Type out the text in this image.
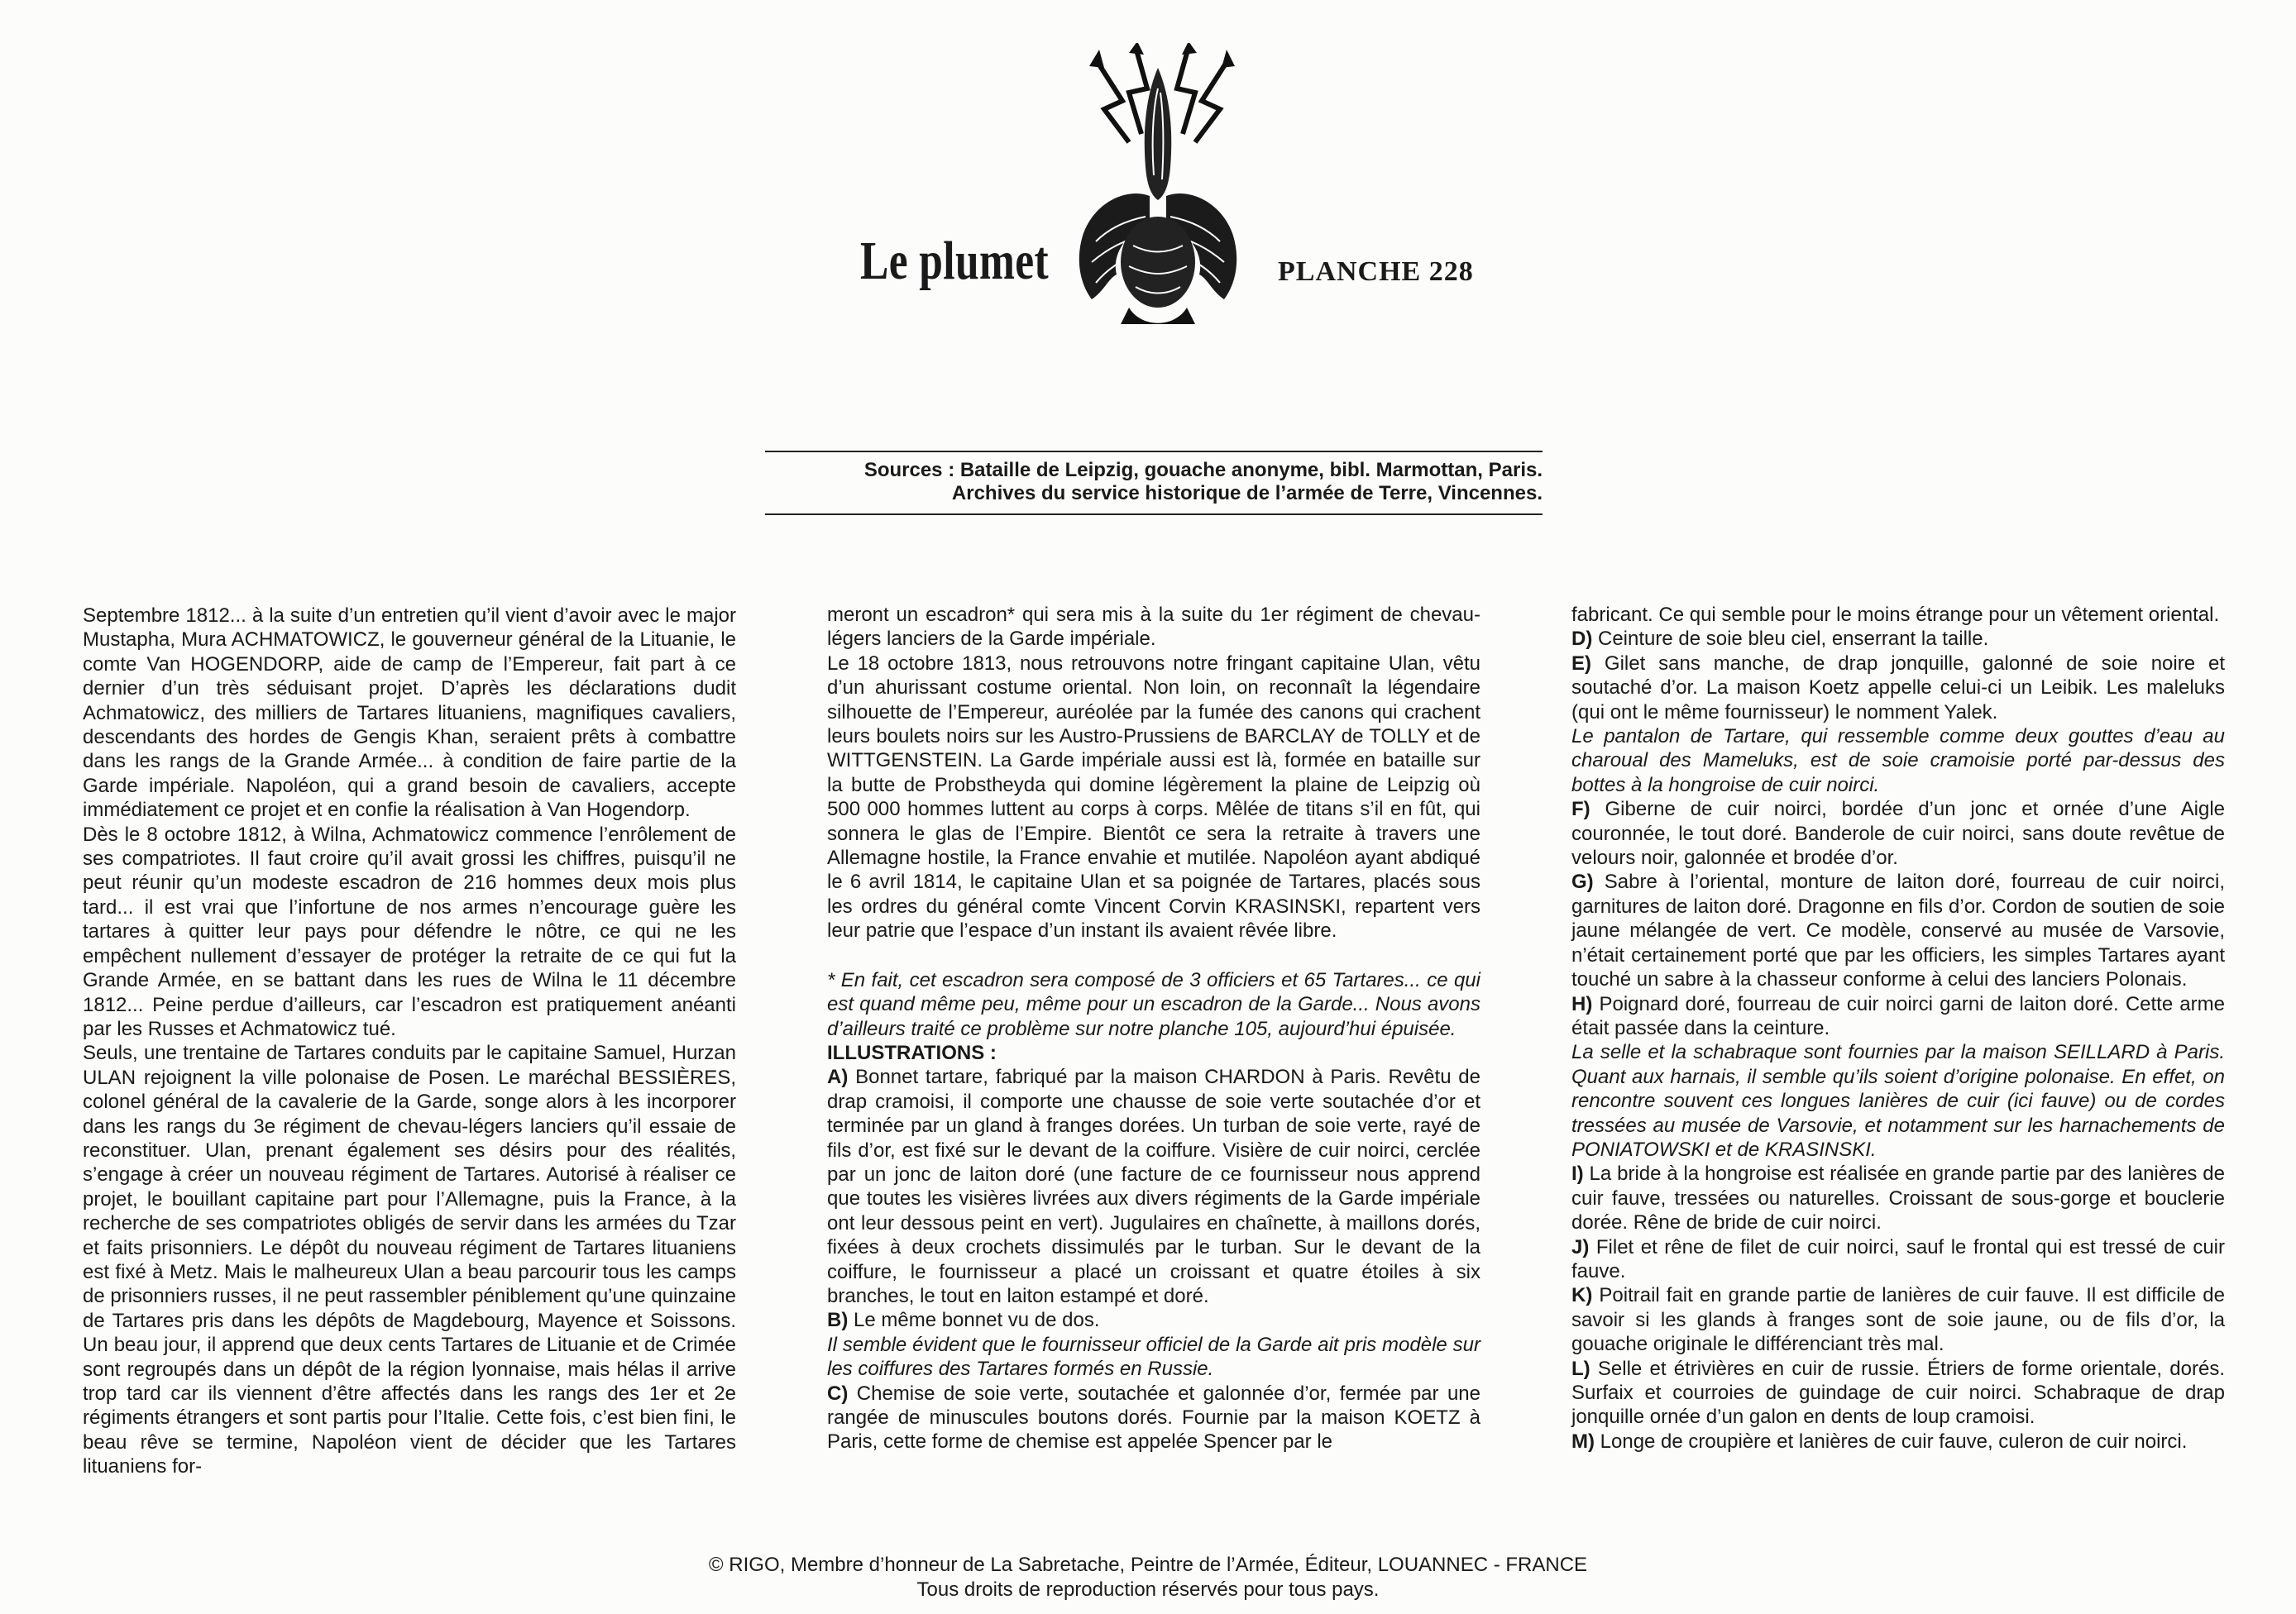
Le plumet	PLANCHE 228
Sources : Bataille de Leipzig, gouache anonyme, bibl. Marmottan, Paris.
Archives du service historique de l’armée de Terre, Vincennes.

Septembre 1812... à la suite d’un entretien qu’il vient d’avoir avec le major Mustapha, Mura ACHMATOWICZ, le gouverneur général de la Lituanie, le comte Van HOGENDORP, aide de camp de l’Empereur, fait part à ce dernier d’un très séduisant projet. D’après les déclarations dudit Achmatowicz, des milliers de Tartares lituaniens, magnifiques cavaliers, descendants des hordes de Gengis Khan, seraient prêts à combattre dans les rangs de la Grande Armée... à condition de faire partie de la Garde impériale. Napoléon, qui a grand besoin de cavaliers, accepte immédiatement ce projet et en confie la réalisation à Van Hogendorp.

Dès le 8 octobre 1812, à Wilna, Achmatowicz commence l’enrôlement de ses compatriotes. Il faut croire qu’il avait grossi les chiffres, puisqu’il ne peut réunir qu’un modeste escadron de 216 hommes deux mois plus tard... il est vrai que l’infortune de nos armes n’encourage guère les tartares à quitter leur pays pour défendre le nôtre, ce qui ne les empêchent nullement d’essayer de protéger la retraite de ce qui fut la Grande Armée, en se battant dans les rues de Wilna le 11 décembre 1812... Peine perdue d’ailleurs, car l’escadron est pratiquement anéanti par les Russes et Achmatowicz tué.

Seuls, une trentaine de Tartares conduits par le capitaine Samuel, Hurzan ULAN rejoignent la ville polonaise de Posen. Le maréchal BESSIÈRES, colonel général de la cavalerie de la Garde, songe alors à les incorporer dans les rangs du 3e régiment de chevau-légers lanciers qu’il essaie de reconstituer. Ulan, prenant également ses désirs pour des réalités, s’engage à créer un nouveau régiment de Tartares. Autorisé à réaliser ce projet, le bouillant capitaine part pour l’Allemagne, puis la France, à la recherche de ses compatriotes obligés de servir dans les armées du Tzar et faits prisonniers. Le dépôt du nouveau régiment de Tartares lituaniens est fixé à Metz. Mais le malheureux Ulan a beau parcourir tous les camps de prisonniers russes, il ne peut rassembler péniblement qu’une quinzaine de Tartares pris dans les dépôts de Magdebourg, Mayence et Soissons. Un beau jour, il apprend que deux cents Tartares de Lituanie et de Crimée sont regroupés dans un dépôt de la région lyonnaise, mais hélas il arrive trop tard car ils viennent d’être affectés dans les rangs des 1er et 2e régiments étrangers et sont partis pour l’Italie. Cette fois, c’est bien fini, le beau rêve se termine, Napoléon vient de décider que les Tartares lituaniens for-

meront un escadron* qui sera mis à la suite du 1er régiment de chevau-légers lanciers de la Garde impériale.

Le 18 octobre 1813, nous retrouvons notre fringant capitaine Ulan, vêtu d’un ahurissant costume oriental. Non loin, on reconnaît la légendaire silhouette de l’Empereur, auréolée par la fumée des canons qui crachent leurs boulets noirs sur les Austro-Prussiens de BARCLAY de TOLLY et de WITTGENSTEIN. La Garde impériale aussi est là, formée en bataille sur la butte de Probstheyda qui domine légèrement la plaine de Leipzig où 500 000 hommes luttent au corps à corps. Mêlée de titans s’il en fût, qui sonnera le glas de l’Empire. Bientôt ce sera la retraite à travers une Allemagne hostile, la France envahie et mutilée. Napoléon ayant abdiqué le 6 avril 1814, le capitaine Ulan et sa poignée de Tartares, placés sous les ordres du général comte Vincent Corvin KRASINSKI, repartent vers leur patrie que l’espace d’un instant ils avaient rêvée libre.

* En fait, cet escadron sera composé de 3 officiers et 65 Tartares... ce qui est quand même peu, même pour un escadron de la Garde... Nous avons d’ailleurs traité ce problème sur notre planche 105, aujourd’hui épuisée.

ILLUSTRATIONS :

A) Bonnet tartare, fabriqué par la maison CHARDON à Paris. Revêtu de drap cramoisi, il comporte une chausse de soie verte soutachée d’or et terminée par un gland à franges dorées. Un turban de soie verte, rayé de fils d’or, est fixé sur le devant de la coiffure. Visière de cuir noirci, cerclée par un jonc de laiton doré (une facture de ce fournisseur nous apprend que toutes les visières livrées aux divers régiments de la Garde impériale ont leur dessous peint en vert). Jugulaires en chaînette, à maillons dorés, fixées à deux crochets dissimulés par le turban. Sur le devant de la coiffure, le fournisseur a placé un croissant et quatre étoiles à six branches, le tout en laiton estampé et doré.

B) Le même bonnet vu de dos.

Il semble évident que le fournisseur officiel de la Garde ait pris modèle sur les coiffures des Tartares formés en Russie.

C) Chemise de soie verte, soutachée et galonnée d’or, fermée par une rangée de minuscules boutons dorés. Fournie par la maison KOETZ à Paris, cette forme de chemise est appelée Spencer par le

fabricant. Ce qui semble pour le moins étrange pour un vêtement oriental.

D) Ceinture de soie bleu ciel, enserrant la taille.

E) Gilet sans manche, de drap jonquille, galonné de soie noire et soutaché d’or. La maison Koetz appelle celui-ci un Leibik. Les maleluks (qui ont le même fournisseur) le nomment Yalek.

Le pantalon de Tartare, qui ressemble comme deux gouttes d’eau au charoual des Mameluks, est de soie cramoisie porté par-dessus des bottes à la hongroise de cuir noirci.

F) Giberne de cuir noirci, bordée d’un jonc et ornée d’une Aigle couronnée, le tout doré. Banderole de cuir noirci, sans doute revêtue de velours noir, galonnée et brodée d’or.

G) Sabre à l’oriental, monture de laiton doré, fourreau de cuir noirci, garnitures de laiton doré. Dragonne en fils d’or. Cordon de soutien de soie jaune mélangée de vert. Ce modèle, conservé au musée de Varsovie, n’était certainement porté que par les officiers, les simples Tartares ayant touché un sabre à la chasseur conforme à celui des lanciers Polonais.

H) Poignard doré, fourreau de cuir noirci garni de laiton doré. Cette arme était passée dans la ceinture.

La selle et la schabraque sont fournies par la maison SEILLARD à Paris. Quant aux harnais, il semble qu’ils soient d’origine polonaise. En effet, on rencontre souvent ces longues lanières de cuir (ici fauve) ou de cordes tressées au musée de Varsovie, et notamment sur les harnachements de PONIATOWSKI et de KRASINSKI.

I) La bride à la hongroise est réalisée en grande partie par des lanières de cuir fauve, tressées ou naturelles. Croissant de sous-gorge et bouclerie dorée. Rêne de bride de cuir noirci.

J) Filet et rêne de filet de cuir noirci, sauf le frontal qui est tressé de cuir fauve.

K) Poitrail fait en grande partie de lanières de cuir fauve. Il est difficile de savoir si les glands à franges sont de soie jaune, ou de fils d’or, la gouache originale le différenciant très mal.

L) Selle et étrivières en cuir de russie. Étriers de forme orientale, dorés. Surfaix et courroies de guindage de cuir noirci. Schabraque de drap jonquille ornée d’un galon en dents de loup cramoisi.

M) Longe de croupière et lanières de cuir fauve, culeron de cuir noirci.

© RIGO, Membre d’honneur de La Sabretache, Peintre de l’Armée, Éditeur, LOUANNEC - FRANCE
Tous droits de reproduction réservés pour tous pays.
